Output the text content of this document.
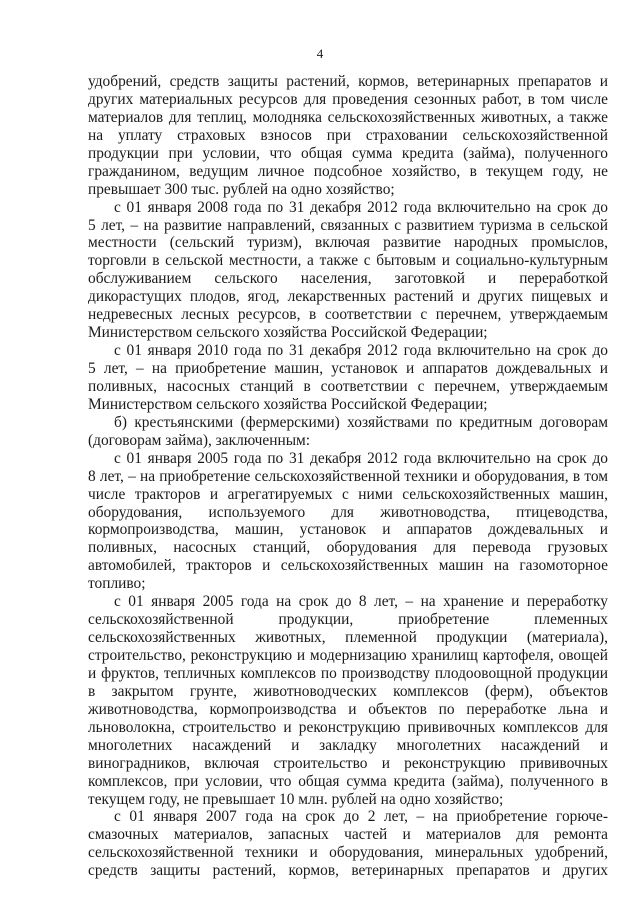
4
удобрений, средств защиты растений, кормов, ветеринарных препаратов и
других материальных ресурсов для проведения сезонных работ, в том числе
материалов для теплиц, молодняка сельскохозяйственных животных, а также
на уплату страховых взносов при страховании сельскохозяйственной
продукции при условии, что общая сумма кредита (займа), полученного
гражданином, ведущим личное подсобное хозяйство, в текущем году, не
превышает 300 тыс. рублей на одно хозяйство;
с 01 января 2008 года по 31 декабря 2012 года включительно на срок до
5 лет, – на развитие направлений, связанных с развитием туризма в сельской
местности (сельский туризм), включая развитие народных промыслов,
торговли в сельской местности, а также с бытовым и социально-культурным
обслуживанием сельского населения, заготовкой и переработкой
дикорастущих плодов, ягод, лекарственных растений и других пищевых и
недревесных лесных ресурсов, в соответствии с перечнем, утверждаемым
Министерством сельского хозяйства Российской Федерации;
с 01 января 2010 года по 31 декабря 2012 года включительно на срок до
5 лет, – на приобретение машин, установок и аппаратов дождевальных и
поливных, насосных станций в соответствии с перечнем, утверждаемым
Министерством сельского хозяйства Российской Федерации;
б) крестьянскими (фермерскими) хозяйствами по кредитным договорам
(договорам займа), заключенным:
с 01 января 2005 года по 31 декабря 2012 года включительно на срок до
8 лет, – на приобретение сельскохозяйственной техники и оборудования, в том
числе тракторов и агрегатируемых с ними сельскохозяйственных машин,
оборудования, используемого для животноводства, птицеводства,
кормопроизводства, машин, установок и аппаратов дождевальных и
поливных, насосных станций, оборудования для перевода грузовых
автомобилей, тракторов и сельскохозяйственных машин на газомоторное
топливо;
с 01 января 2005 года на срок до 8 лет, – на хранение и переработку
сельскохозяйственной продукции, приобретение племенных
сельскохозяйственных животных, племенной продукции (материала),
строительство, реконструкцию и модернизацию хранилищ картофеля, овощей
и фруктов, тепличных комплексов по производству плодоовощной продукции
в закрытом грунте, животноводческих комплексов (ферм), объектов
животноводства, кормопроизводства и объектов по переработке льна и
льноволокна, строительство и реконструкцию прививочных комплексов для
многолетних насаждений и закладку многолетних насаждений и
виноградников, включая строительство и реконструкцию прививочных
комплексов, при условии, что общая сумма кредита (займа), полученного в
текущем году, не превышает 10 млн. рублей на одно хозяйство;
с 01 января 2007 года на срок до 2 лет, – на приобретение горюче-
смазочных материалов, запасных частей и материалов для ремонта
сельскохозяйственной техники и оборудования, минеральных удобрений,
средств защиты растений, кормов, ветеринарных препаратов и других
